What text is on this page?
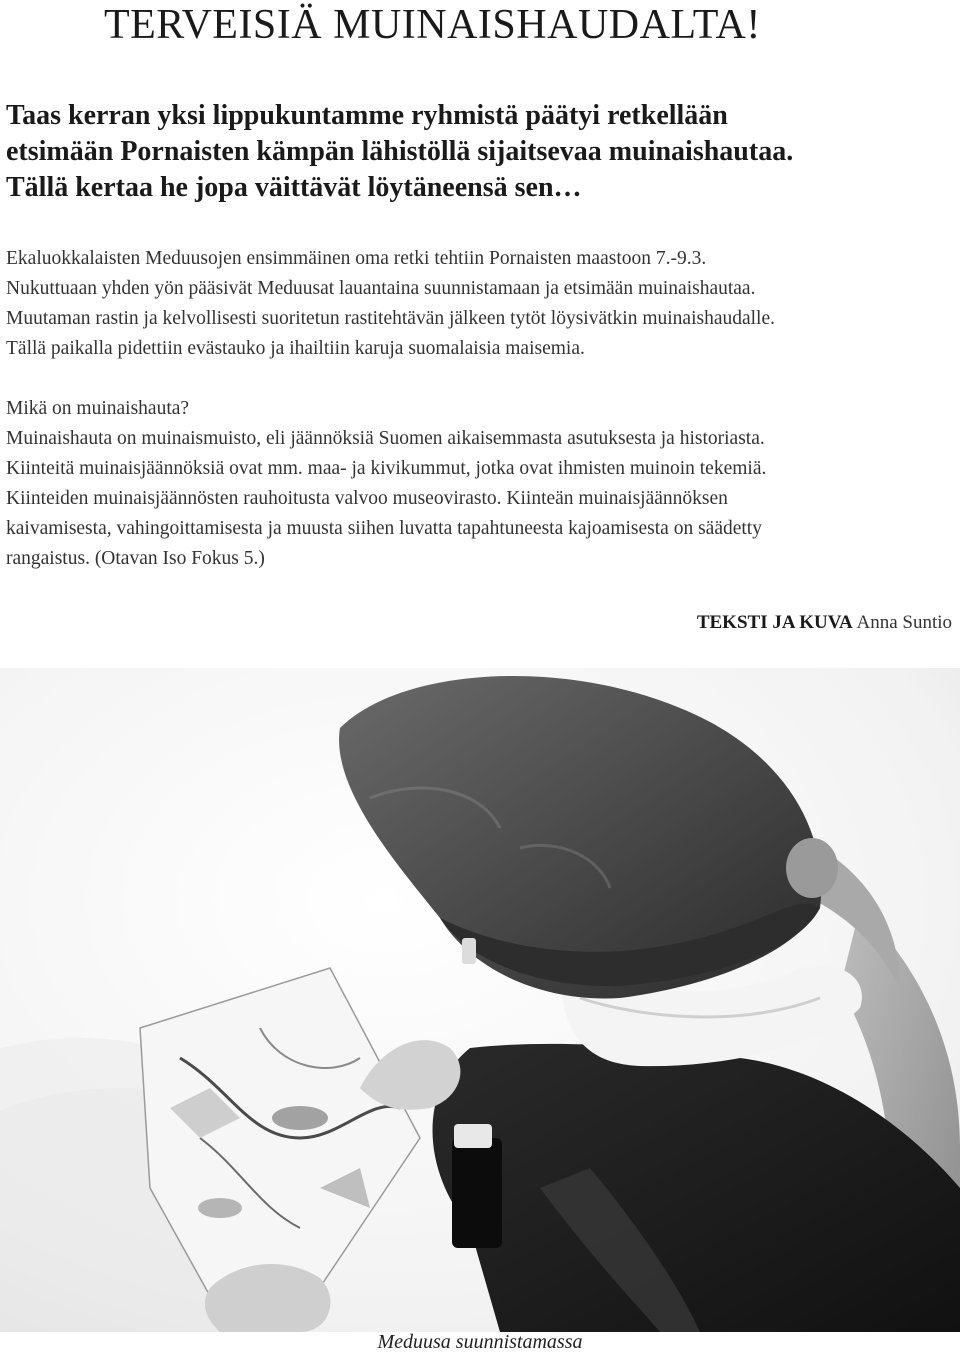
TERVEISIÄ MUINAISHAUDALTA!

Taas kerran yksi lippukuntamme ryhmistä päätyi retkellään
etsimään Pornaisten kämpän lähistöllä sijaitsevaa muinaishautaa.
Tällä kertaa he jopa väittävät löytäneensä sen…

Ekaluokkalaisten Meduusojen ensimmäinen oma retki tehtiin Pornaisten maastoon 7.-9.3.
Nukuttuaan yhden yön pääsivät Meduusat lauantaina suunnistamaan ja etsimään muinaishautaa.
Muutaman rastin ja kelvollisesti suoritetun rastitehtävän jälkeen tytöt löysivätkin muinaishaudalle.
Tällä paikalla pidettiin evästauko ja ihailtiin karuja suomalaisia maisemia.

Mikä on muinaishauta?
Muinaishauta on muinaismuisto, eli jäännöksiä Suomen aikaisemmasta asutuksesta ja historiasta.
Kiinteitä muinaisjäännöksiä ovat mm. maa- ja kivikummut, jotka ovat ihmisten muinoin tekemiä.
Kiinteiden muinaisjäännösten rauhoitusta valvoo museovirasto. Kiinteän muinaisjäännöksen
kaivamisesta, vahingoittamisesta ja muusta siihen luvatta tapahtuneesta kajoamisesta on säädetty
rangaistus. (Otavan Iso Fokus 5.)

TEKSTI JA KUVA Anna Suntio
Meduusa suunnistamassa
